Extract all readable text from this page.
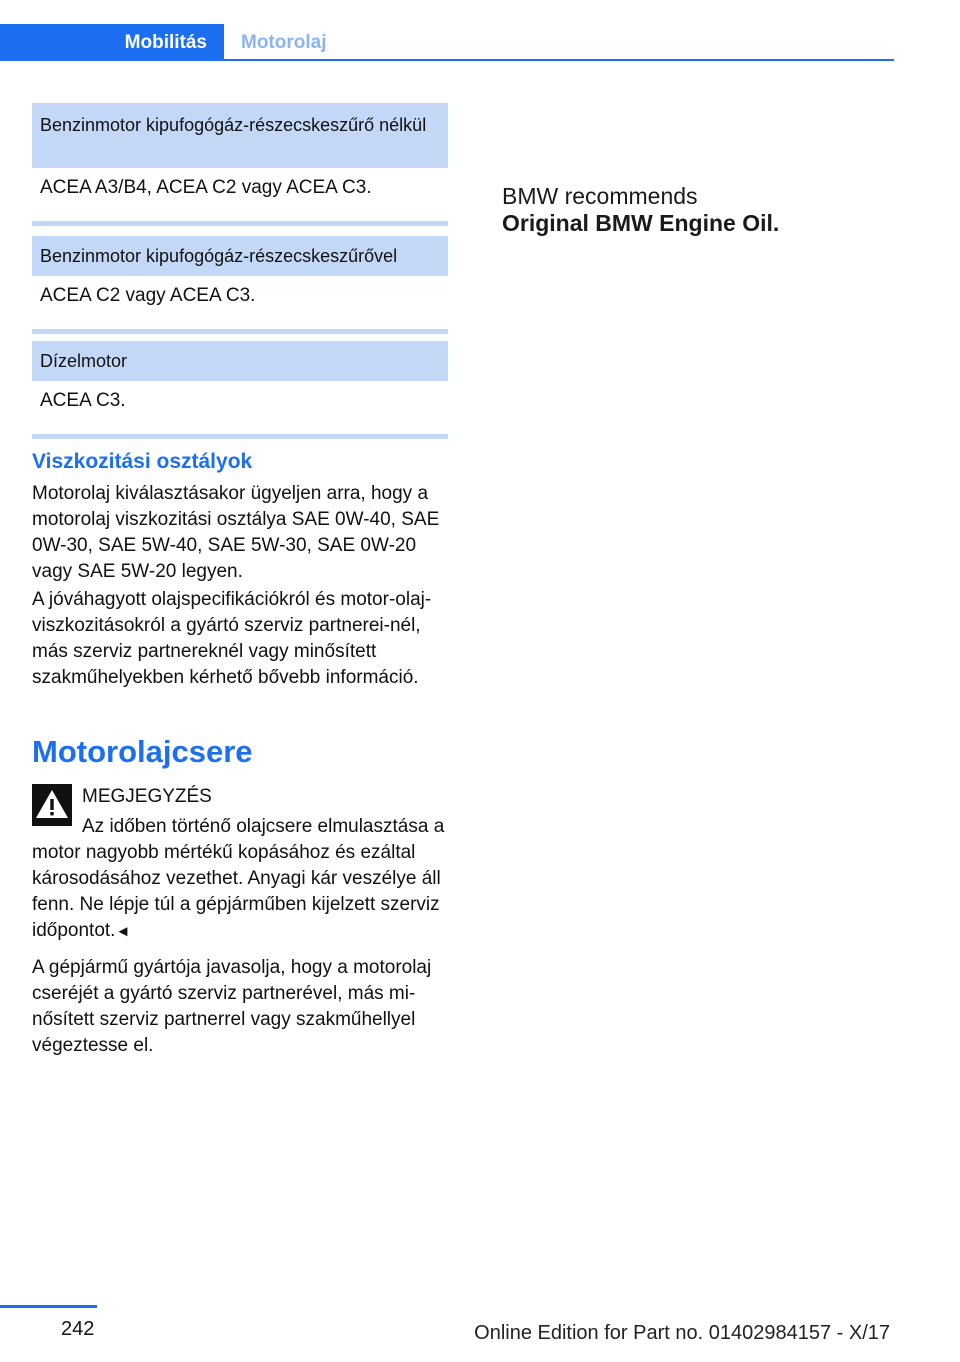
Mobilitás	Motorolaj
Benzinmotor kipufogógáz-részecskeszűrő nélkül
ACEA A3/B4, ACEA C2 vagy ACEA C3.
Benzinmotor kipufogógáz-részecskeszűrővel
ACEA C2 vagy ACEA C3.
Dízelmotor
ACEA C3.
Viszkozitási osztályok

Motorolaj kiválasztásakor ügyeljen arra, hogy a motorolaj viszkozitási osztálya SAE 0W-40, SAE 0W-30, SAE 5W-40, SAE 5W-30, SAE 0W-20 vagy SAE 5W-20 legyen.

A jóváhagyott olajspecifikációkról és motor-olaj-viszkozitásokról a gyártó szerviz partnerei-nél, más szerviz partnereknél vagy minősített szakműhelyekben kérhető bővebb információ.

Motorolajcsere
MEGJEGYZÉS

Az időben történő olajcsere elmulasztása a motor nagyobb mértékű kopásához és ezáltal károsodásához vezethet. Anyagi kár veszélye áll fenn. Ne lépje túl a gépjárműben kijelzett szerviz időpontot.◄

A gépjármű gyártója javasolja, hogy a motorolaj cseréjét a gyártó szerviz partnerével, más mi-nősített szerviz partnerrel vagy szakműhellyel végeztesse el.

BMW recommends
Original BMW Engine Oil.
242	Online Edition for Part no. 01402984157 - X/17
